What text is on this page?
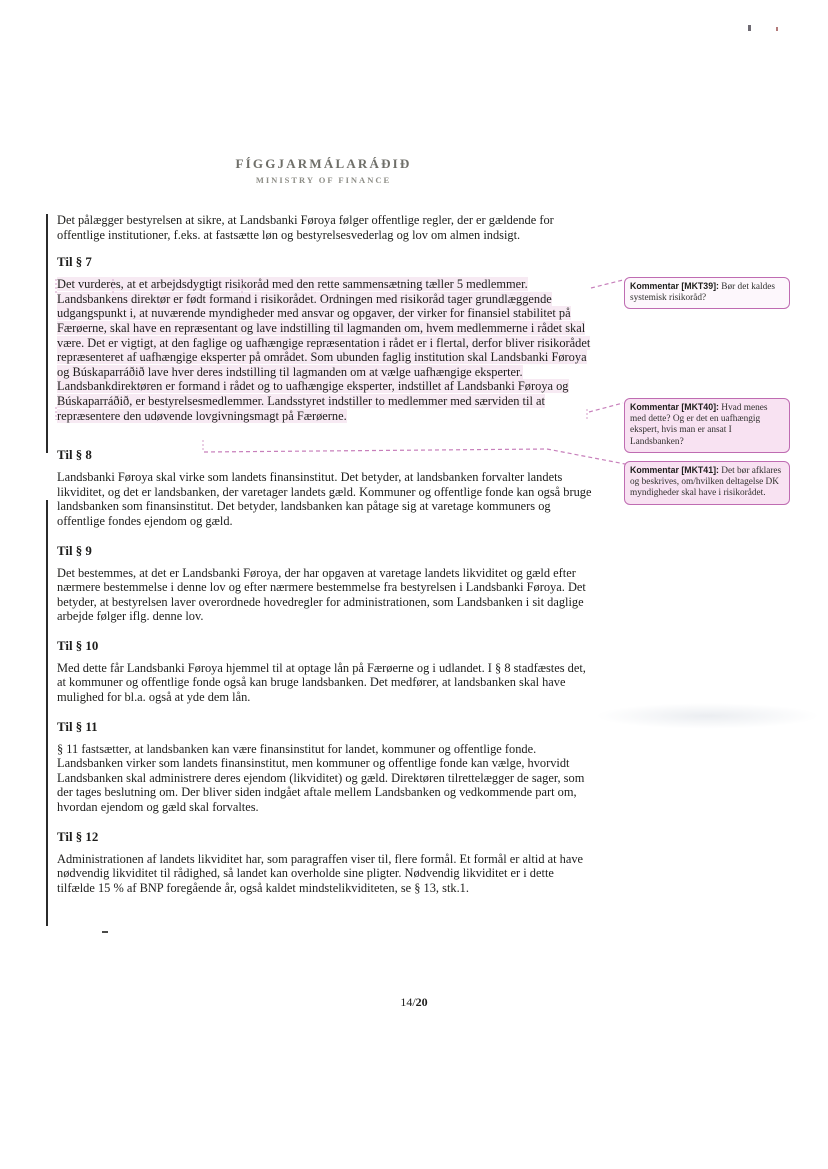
FÍGGJARMÁLARÁÐIÐ
MINISTRY OF FINANCE

Det pålægger bestyrelsen at sikre, at Landsbanki Føroya følger offentlige regler, der er gældende for offentlige institutioner, f.eks. at fastsætte løn og bestyrelsesvederlag og lov om almen indsigt.

Til § 7

Det vurderes, at et arbejdsdygtigt risikoråd med den rette sammensætning tæller 5 medlemmer. Landsbankens direktør er født formand i risikorådet. Ordningen med risikoråd tager grundlæggende udgangspunkt i, at nuværende myndigheder med ansvar og opgaver, der virker for finansiel stabilitet på Færøerne, skal have en repræsentant og lave indstilling til lagmanden om, hvem medlemmerne i rådet skal være. Det er vigtigt, at den faglige og uafhængige repræsentation i rådet er i flertal, derfor bliver risikorådet repræsenteret af uafhængige eksperter på området. Som ubunden faglig institution skal Landsbanki Føroya og Búskaparráðið lave hver deres indstilling til lagmanden om at vælge uafhængige eksperter. Landsbankdirektøren er formand i rådet og to uafhængige eksperter, indstillet af Landsbanki Føroya og Búskaparráðið, er bestyrelsesmedlemmer. Landsstyret indstiller to medlemmer med særviden til at repræsentere den udøvende lovgivningsmagt på Færøerne.

Til § 8

Landsbanki Føroya skal virke som landets finansinstitut. Det betyder, at landsbanken forvalter landets likviditet, og det er landsbanken, der varetager landets gæld. Kommuner og offentlige fonde kan også bruge landsbanken som finansinstitut. Det betyder, landsbanken kan påtage sig at varetage kommuners og offentlige fondes ejendom og gæld.

Til § 9

Det bestemmes, at det er Landsbanki Føroya, der har opgaven at varetage landets likviditet og gæld efter nærmere bestemmelse i denne lov og efter nærmere bestemmelse fra bestyrelsen i Landsbanki Føroya. Det betyder, at bestyrelsen laver overordnede hovedregler for administrationen, som Landsbanken i sit daglige arbejde følger iflg. denne lov.

Til § 10

Med dette får Landsbanki Føroya hjemmel til at optage lån på Færøerne og i udlandet. I § 8 stadfæstes det, at kommuner og offentlige fonde også kan bruge landsbanken. Det medfører, at landsbanken skal have mulighed for bl.a. også at yde dem lån.

Til § 11

§ 11 fastsætter, at landsbanken kan være finansinstitut for landet, kommuner og offentlige fonde. Landsbanken virker som landets finansinstitut, men kommuner og offentlige fonde kan vælge, hvorvidt Landsbanken skal administrere deres ejendom (likviditet) og gæld. Direktøren tilrettelægger de sager, som der tages beslutning om. Der bliver siden indgået aftale mellem Landsbanken og vedkommende part om, hvordan ejendom og gæld skal forvaltes.

Til § 12

Administrationen af landets likviditet har, som paragraffen viser til, flere formål. Et formål er altid at have nødvendig likviditet til rådighed, så landet kan overholde sine pligter. Nødvendig likviditet er i dette tilfælde 15 % af BNP foregående år, også kaldet mindstelikviditeten, se § 13, stk.1.

Kommentar [MKT39]: Bør det kaldes systemisk risikoråd?
Kommentar [MKT40]: Hvad menes med dette? Og er det en uafhængig ekspert, hvis man er ansat I Landsbanken?
Kommentar [MKT41]: Det bør afklares og beskrives, om/hvilken deltagelse DK myndigheder skal have i risikorådet.
14/20
